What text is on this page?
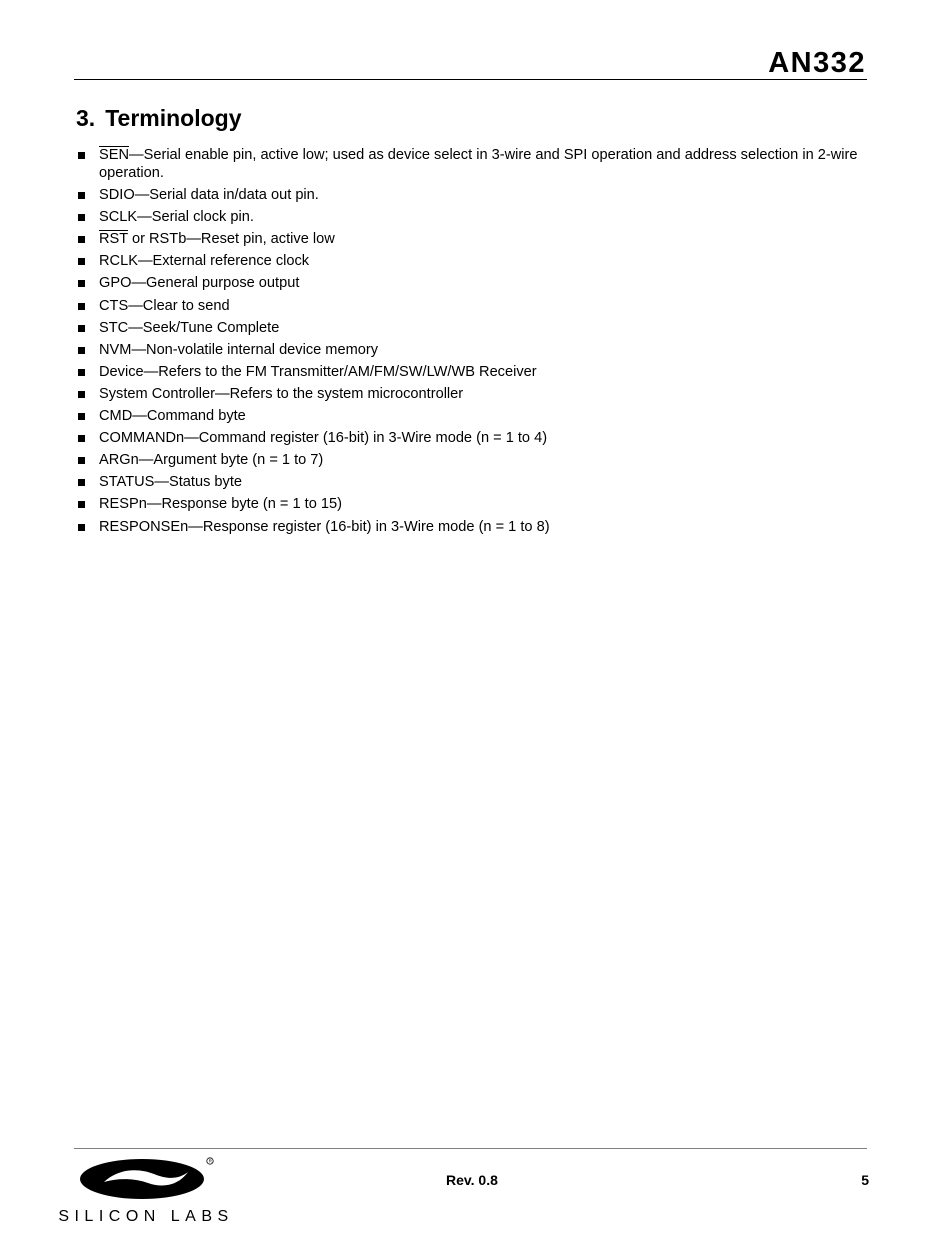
AN332
3. Terminology
$\overline{SEN}—Serial$ enable pin, active low; used as device select in 3-wire and SPI operation and address selection in 2-wire operation.
SDIO—Serial data in/data out pin.
SCLK—Serial clock pin.
$\overline{RST}$ or RSTb—Reset pin, active low
RCLK—External reference clock
GPO—General purpose output
CTS—Clear to send
STC—Seek/Tune Complete
NVM—Non-volatile internal device memory
Device—Refers to the FM Transmitter/AM/FM/SW/LW/WB Receiver
System Controller—Refers to the system microcontroller
CMD—Command byte
COMMANDn—Command register (16-bit) in 3-Wire mode (n = 1 to 4)
ARGn—Argument byte (n = 1 to 7)
STATUS—Status byte
RESPn—Response byte (n = 1 to 15)
RESPONSEn—Response register (16-bit) in 3-Wire mode (n = 1 to 8)
R
SILICON LABS
Rev. 0.8	5
